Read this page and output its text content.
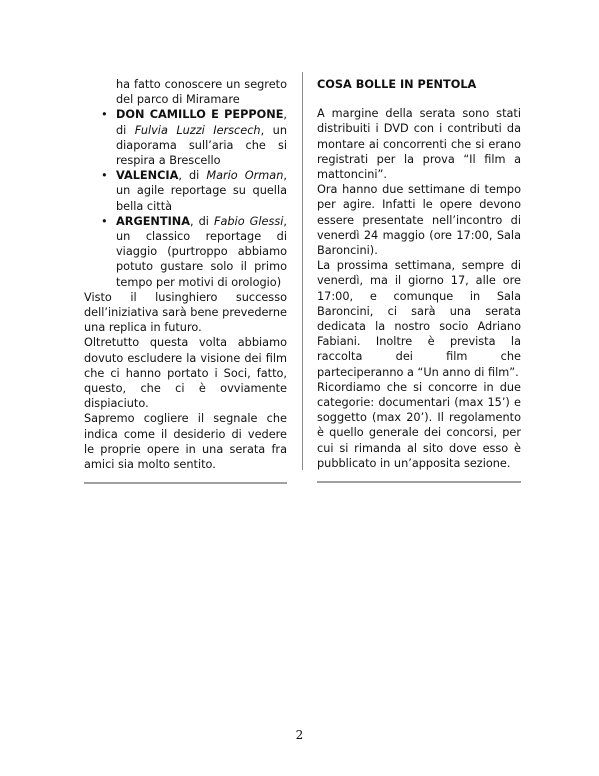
ha fatto conoscere un segreto del parco di Miramare

• DON CAMILLO E PEPPONE, di Fulvia Luzzi Ierscech, un diaporama sull’aria che si respira a Brescello
• VALENCIA, di Mario Orman, un agile reportage su quella bella città
• ARGENTINA, di Fabio Glessi, un classico reportage di viaggio (purtroppo abbiamo potuto gustare solo il primo tempo per motivi di orologio)

Visto il lusinghiero successo dell’iniziativa sarà bene prevederne una replica in futuro.

Oltretutto questa volta abbiamo dovuto escludere la visione dei film che ci hanno portato i Soci, fatto, questo, che ci è ovviamente dispiaciuto.

Sapremo cogliere il segnale che indica come il desiderio di vedere le proprie opere in una serata fra amici sia molto sentito.

COSA BOLLE IN PENTOLA

A margine della serata sono stati distribuiti i DVD con i contributi da montare ai concorrenti che si erano registrati per la prova “Il film a mattoncini”.

Ora hanno due settimane di tempo per agire. Infatti le opere devono essere presentate nell’incontro di venerdì 24 maggio (ore 17:00, Sala Baroncini).

La prossima settimana, sempre di venerdì, ma il giorno 17, alle ore 17:00, e comunque in Sala Baroncini, ci sarà una serata dedicata la nostro socio Adriano Fabiani. Inoltre è prevista la raccolta dei film che parteciperanno a “Un anno di film”.

Ricordiamo che si concorre in due categorie: documentari (max 15’) e soggetto (max 20’). Il regolamento è quello generale dei concorsi, per cui si rimanda al sito dove esso è pubblicato in un’apposita sezione.

2
